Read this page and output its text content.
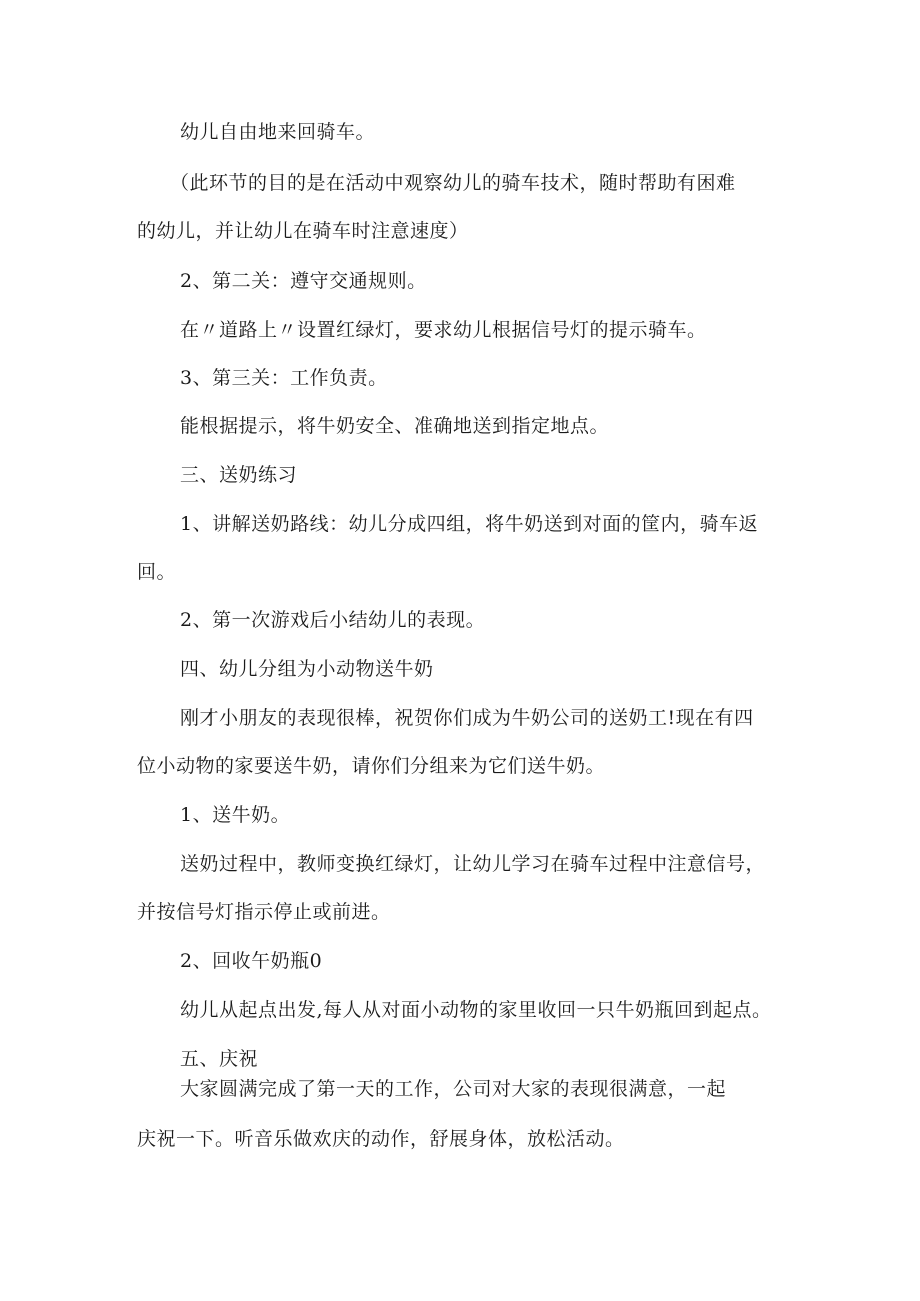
幼儿自由地来回骑车。

（此环节的目的是在活动中观察幼儿的骑车技术，随时帮助有困难

的幼儿，并让幼儿在骑车时注意速度）

2、第二关：遵守交通规则。

在〃道路上〃设置红绿灯，要求幼儿根据信号灯的提示骑车。

3、第三关：工作负责。

能根据提示，将牛奶安全、准确地送到指定地点。

三、送奶练习

1、讲解送奶路线：幼儿分成四组，将牛奶送到对面的筐内，骑车返

回。

2、第一次游戏后小结幼儿的表现。

四、幼儿分组为小动物送牛奶

刚才小朋友的表现很棒，祝贺你们成为牛奶公司的送奶工!现在有四

位小动物的家要送牛奶，请你们分组来为它们送牛奶。

1、送牛奶。

送奶过程中，教师变换红绿灯，让幼儿学习在骑车过程中注意信号，

并按信号灯指示停止或前进。

2、回收午奶瓶0

幼儿从起点出发,每人从对面小动物的家里收回一只牛奶瓶回到起点。

五、庆祝

大家圆满完成了第一天的工作，公司对大家的表现很满意，一起

庆祝一下。听音乐做欢庆的动作，舒展身体，放松活动。
